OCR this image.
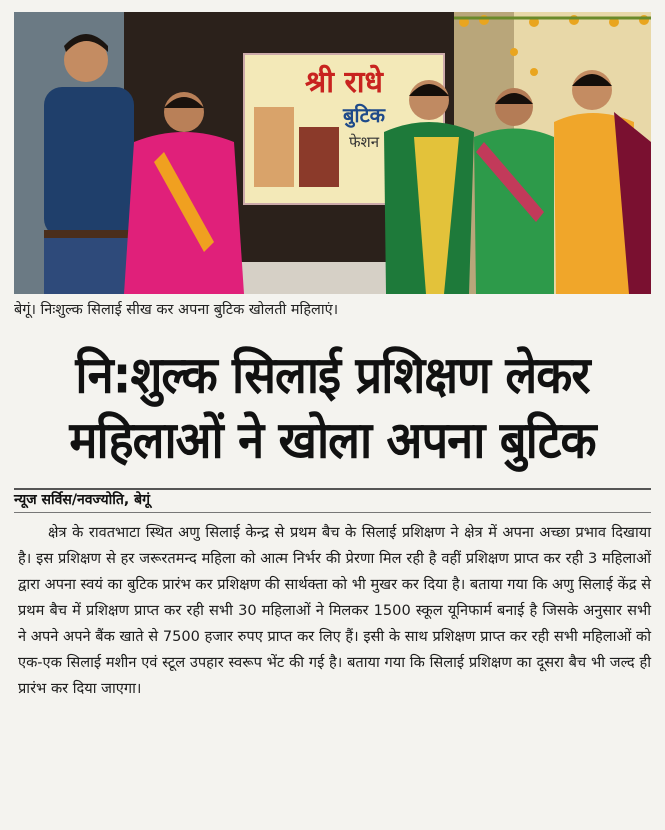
श्री राधे
बुटिक
फेशन
बेगूं। निःशुल्क सिलाई सीख कर अपना बुटिक खोलती महिलाएं।
नि:शुल्क सिलाई प्रशिक्षण लेकर
महिलाओं ने खोला अपना बुटिक
न्यूज सर्विस/नवज्योति, बेगूं
क्षेत्र के रावतभाटा स्थित अणु सिलाई केन्द्र से प्रथम बैच के सिलाई प्रशिक्षण ने क्षेत्र में अपना अच्छा प्रभाव दिखाया है। इस प्रशिक्षण से हर जरूरतमन्द महिला को आत्म निर्भर की प्रेरणा मिल रही है वहीं प्रशिक्षण प्राप्त कर रही 3 महिलाओं द्वारा अपना स्वयं का बुटिक प्रारंभ कर प्रशिक्षण की सार्थक्ता को भी मुखर कर दिया है। बताया गया कि अणु सिलाई केंद्र से प्रथम बैच में प्रशिक्षण प्राप्त कर रही सभी 30 महिलाओं ने मिलकर 1500 स्कूल यूनिफार्म बनाई है जिसके अनुसार सभी ने अपने अपने बैंक खाते से 7500 हजार रुपए प्राप्त कर लिए हैं। इसी के साथ प्रशिक्षण प्राप्त कर रही सभी महिलाओं को एक-एक सिलाई मशीन एवं स्टूल उपहार स्वरूप भेंट की गई है। बताया गया कि सिलाई प्रशिक्षण का दूसरा बैच भी जल्द ही प्रारंभ कर दिया जाएगा।
